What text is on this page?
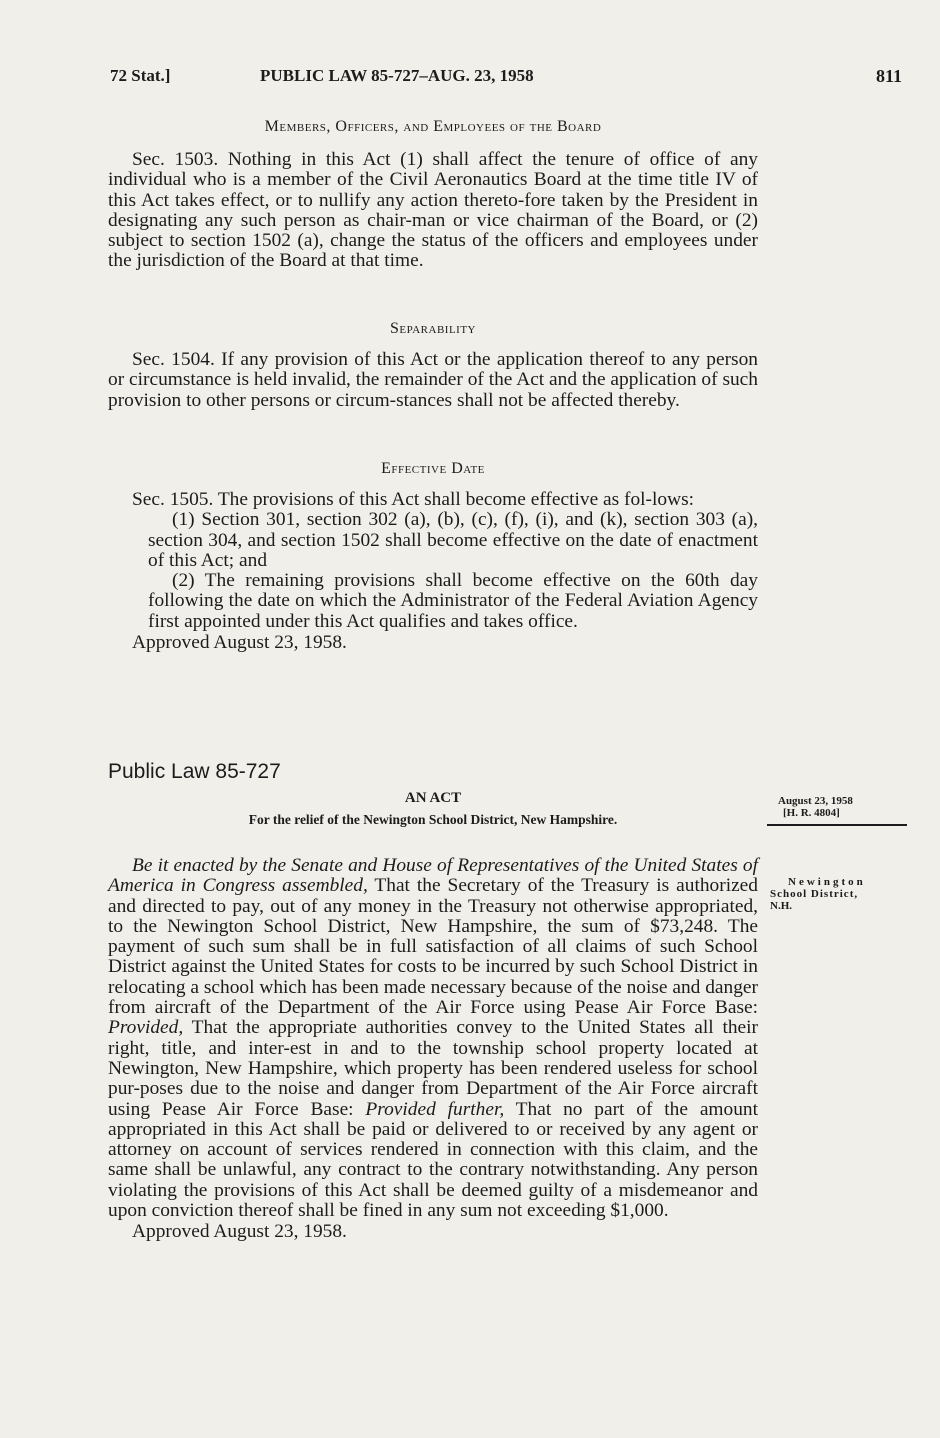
72 Stat.]	PUBLIC LAW 85-727–AUG. 23, 1958	811
Members, Officers, and Employees of the Board

Sec. 1503. Nothing in this Act (1) shall affect the tenure of office of any individual who is a member of the Civil Aeronautics Board at the time title IV of this Act takes effect, or to nullify any action thereto-fore taken by the President in designating any such person as chair-man or vice chairman of the Board, or (2) subject to section 1502 (a), change the status of the officers and employees under the jurisdiction of the Board at that time.

Separability

Sec. 1504. If any provision of this Act or the application thereof to any person or circumstance is held invalid, the remainder of the Act and the application of such provision to other persons or circum-stances shall not be affected thereby.

Effective Date

Sec. 1505. The provisions of this Act shall become effective as fol-lows:

(1) Section 301, section 302 (a), (b), (c), (f), (i), and (k), section 303 (a), section 304, and section 1502 shall become effective on the date of enactment of this Act; and

(2) The remaining provisions shall become effective on the 60th day following the date on which the Administrator of the Federal Aviation Agency first appointed under this Act qualifies and takes office.

Approved August 23, 1958.

Public Law 85-727
AN ACT
For the relief of the Newington School District, New Hampshire.
August 23, 1958
[H. R. 4804]
Newington
School District,
N.H.

Be it enacted by the Senate and House of Representatives of the United States of America in Congress assembled, That the Secretary of the Treasury is authorized and directed to pay, out of any money in the Treasury not otherwise appropriated, to the Newington School District, New Hampshire, the sum of $73,248. The payment of such sum shall be in full satisfaction of all claims of such School District against the United States for costs to be incurred by such School District in relocating a school which has been made necessary because of the noise and danger from aircraft of the Department of the Air Force using Pease Air Force Base: Provided, That the appropriate authorities convey to the United States all their right, title, and inter-est in and to the township school property located at Newington, New Hampshire, which property has been rendered useless for school pur-poses due to the noise and danger from Department of the Air Force aircraft using Pease Air Force Base: Provided further, That no part of the amount appropriated in this Act shall be paid or delivered to or received by any agent or attorney on account of services rendered in connection with this claim, and the same shall be unlawful, any contract to the contrary notwithstanding. Any person violating the provisions of this Act shall be deemed guilty of a misdemeanor and upon conviction thereof shall be fined in any sum not exceeding $1,000.

Approved August 23, 1958.
